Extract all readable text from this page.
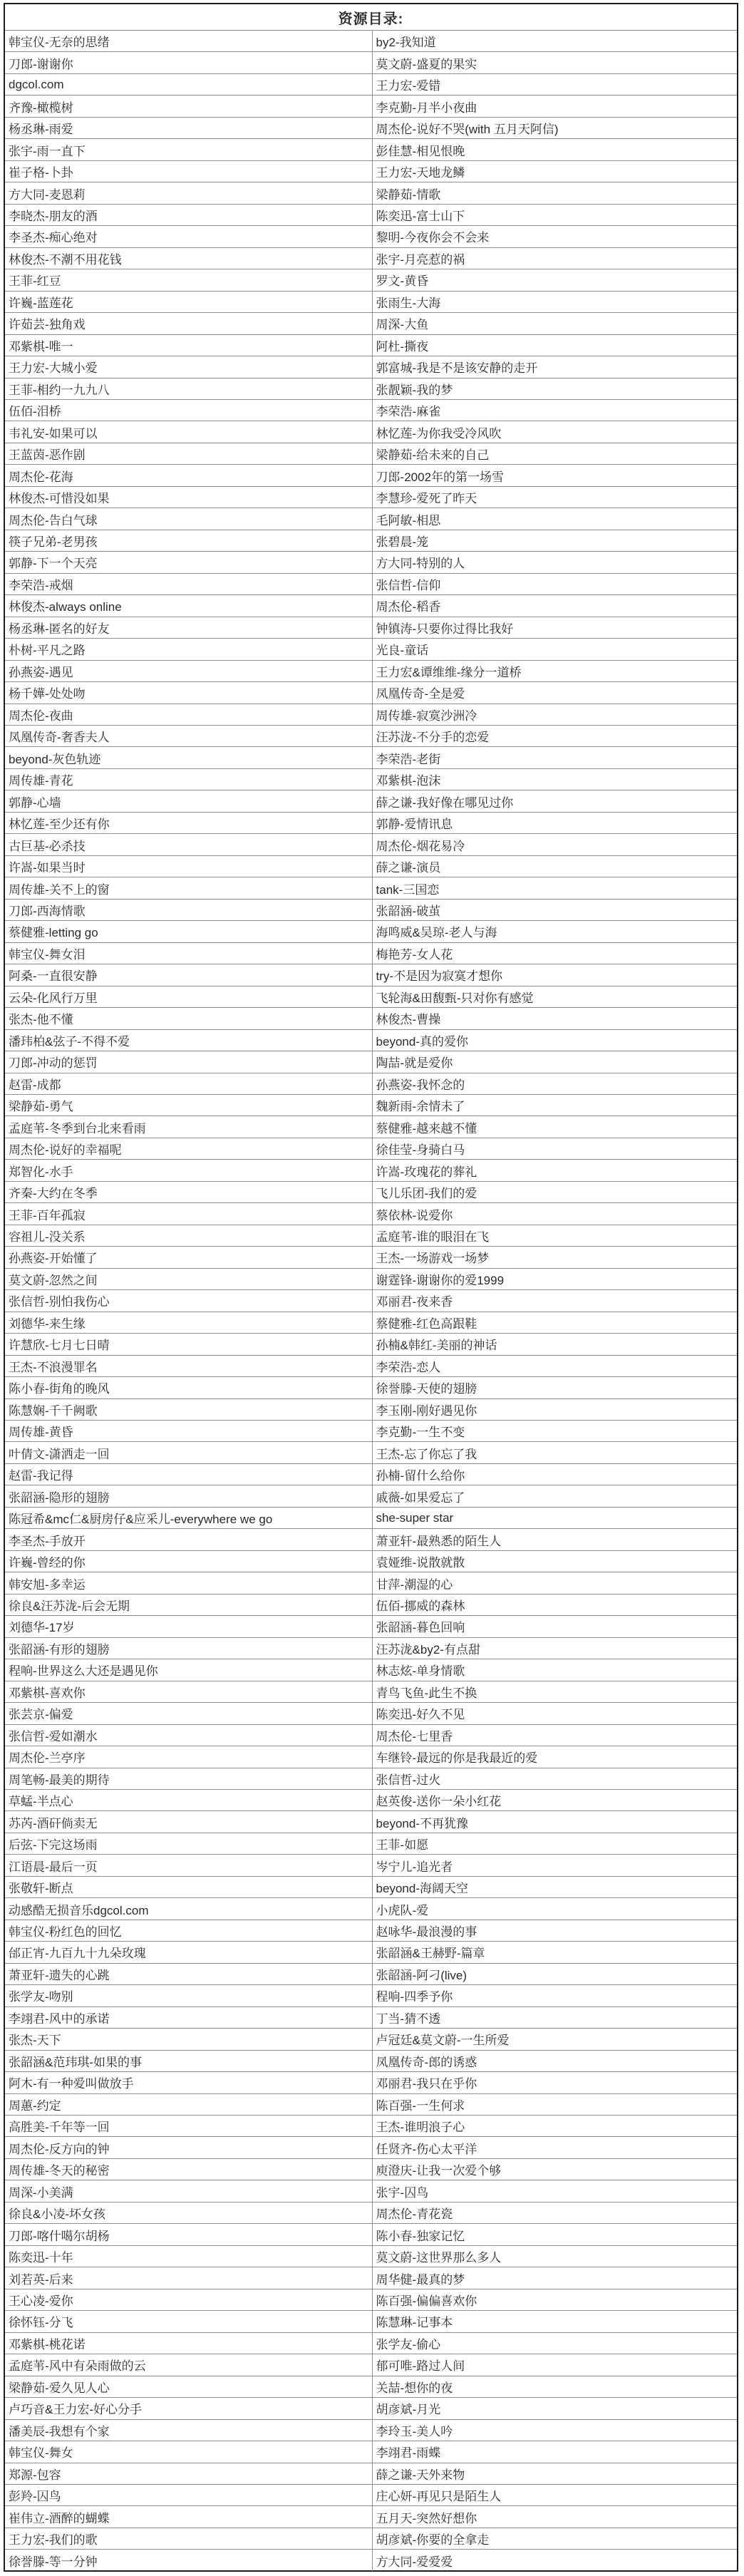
资源目录:
韩宝仪-无奈的思绪	by2-我知道
刀郎-谢谢你	莫文蔚-盛夏的果实
dgcol.com	王力宏-爱错
齐豫-橄榄树	李克勤-月半小夜曲
杨丞琳-雨爱	周杰伦-说好不哭(with 五月天阿信)
张宇-雨一直下	彭佳慧-相见恨晚
崔子格-卜卦	王力宏-天地龙鳞
方大同-麦恩莉	梁静茹-情歌
李晓杰-朋友的酒	陈奕迅-富士山下
李圣杰-痴心绝对	黎明-今夜你会不会来
林俊杰-不潮不用花钱	张宇-月亮惹的祸
王菲-红豆	罗文-黄昏
许巍-蓝莲花	张雨生-大海
许茹芸-独角戏	周深-大鱼
邓紫棋-唯一	阿杜-撕夜
王力宏-大城小爱	郭富城-我是不是该安静的走开
王菲-相约一九九八	张靓颖-我的梦
伍佰-泪桥	李荣浩-麻雀
韦礼安-如果可以	林忆莲-为你我受冷风吹
王蓝茵-恶作剧	梁静茹-给未来的自己
周杰伦-花海	刀郎-2002年的第一场雪
林俊杰-可惜没如果	李慧珍-爱死了昨天
周杰伦-告白气球	毛阿敏-相思
筷子兄弟-老男孩	张碧晨-笼
郭静-下一个天亮	方大同-特别的人
李荣浩-戒烟	张信哲-信仰
林俊杰-always online	周杰伦-稻香
杨丞琳-匿名的好友	钟镇涛-只要你过得比我好
朴树-平凡之路	光良-童话
孙燕姿-遇见	王力宏&谭维维-缘分一道桥
杨千嬅-处处吻	凤凰传奇-全是爱
周杰伦-夜曲	周传雄-寂寞沙洲冷
凤凰传奇-奢香夫人	汪苏泷-不分手的恋爱
beyond-灰色轨迹	李荣浩-老街
周传雄-青花	邓紫棋-泡沫
郭静-心墙	薛之谦-我好像在哪见过你
林忆莲-至少还有你	郭静-爱情讯息
古巨基-必杀技	周杰伦-烟花易冷
许嵩-如果当时	薛之谦-演员
周传雄-关不上的窗	tank-三国恋
刀郎-西海情歌	张韶涵-破茧
蔡健雅-letting go	海鸣威&吴琼-老人与海
韩宝仪-舞女泪	梅艳芳-女人花
阿桑-一直很安静	try-不是因为寂寞才想你
云朵-化风行万里	飞轮海&田馥甄-只对你有感觉
张杰-他不懂	林俊杰-曹操
潘玮柏&弦子-不得不爱	beyond-真的爱你
刀郎-冲动的惩罚	陶喆-就是爱你
赵雷-成都	孙燕姿-我怀念的
梁静茹-勇气	魏新雨-余情未了
孟庭苇-冬季到台北来看雨	蔡健雅-越来越不懂
周杰伦-说好的幸福呢	徐佳莹-身骑白马
郑智化-水手	许嵩-玫瑰花的葬礼
齐秦-大约在冬季	飞儿乐团-我们的爱
王菲-百年孤寂	蔡依林-说爱你
容祖儿-没关系	孟庭苇-谁的眼泪在飞
孙燕姿-开始懂了	王杰-一场游戏一场梦
莫文蔚-忽然之间	谢霆锋-谢谢你的爱1999
张信哲-别怕我伤心	邓丽君-夜来香
刘德华-来生缘	蔡健雅-红色高跟鞋
许慧欣-七月七日晴	孙楠&韩红-美丽的神话
王杰-不浪漫罪名	李荣浩-恋人
陈小春-街角的晚风	徐誉滕-天使的翅膀
陈慧娴-千千阙歌	李玉刚-刚好遇见你
周传雄-黄昏	李克勤-一生不变
叶倩文-潇洒走一回	王杰-忘了你忘了我
赵雷-我记得	孙楠-留什么给你
张韶涵-隐形的翅膀	戚薇-如果爱忘了
陈冠希&mc仁&厨房仔&应采儿-everywhere we go	she-super star
李圣杰-手放开	萧亚轩-最熟悉的陌生人
许巍-曾经的你	袁娅维-说散就散
韩安旭-多幸运	甘萍-潮湿的心
徐良&汪苏泷-后会无期	伍佰-挪威的森林
刘德华-17岁	张韶涵-暮色回响
张韶涵-有形的翅膀	汪苏泷&by2-有点甜
程响-世界这么大还是遇见你	林志炫-单身情歌
邓紫棋-喜欢你	青鸟飞鱼-此生不换
张芸京-偏爱	陈奕迅-好久不见
张信哲-爱如潮水	周杰伦-七里香
周杰伦-兰亭序	车继铃-最远的你是我最近的爱
周笔畅-最美的期待	张信哲-过火
草蜢-半点心	赵英俊-送你一朵小红花
苏芮-酒矸倘卖无	beyond-不再犹豫
后弦-下完这场雨	王菲-如愿
江语晨-最后一页	岑宁儿-追光者
张敬轩-断点	beyond-海阔天空
动感酷无损音乐dgcol.com	小虎队-爱
韩宝仪-粉红色的回忆	赵咏华-最浪漫的事
邰正宵-九百九十九朵玫瑰	张韶涵&王赫野-篇章
萧亚轩-遗失的心跳	张韶涵-阿刁(live)
张学友-吻别	程响-四季予你
李翊君-风中的承诺	丁当-猜不透
张杰-天下	卢冠廷&莫文蔚-一生所爱
张韶涵&范玮琪-如果的事	凤凰传奇-郎的诱惑
阿木-有一种爱叫做放手	邓丽君-我只在乎你
周蕙-约定	陈百强-一生何求
高胜美-千年等一回	王杰-谁明浪子心
周杰伦-反方向的钟	任贤齐-伤心太平洋
周传雄-冬天的秘密	庾澄庆-让我一次爱个够
周深-小美满	张宇-囚鸟
徐良&小凌-坏女孩	周杰伦-青花瓷
刀郎-喀什噶尔胡杨	陈小春-独家记忆
陈奕迅-十年	莫文蔚-这世界那么多人
刘若英-后来	周华健-最真的梦
王心凌-爱你	陈百强-偏偏喜欢你
徐怀钰-分飞	陈慧琳-记事本
邓紫棋-桃花诺	张学友-偷心
孟庭苇-风中有朵雨做的云	郁可唯-路过人间
梁静茹-爱久见人心	关喆-想你的夜
卢巧音&王力宏-好心分手	胡彦斌-月光
潘美辰-我想有个家	李玲玉-美人吟
韩宝仪-舞女	李翊君-雨蝶
郑源-包容	薛之谦-天外来物
彭羚-囚鸟	庄心妍-再见只是陌生人
崔伟立-酒醉的蝴蝶	五月天-突然好想你
王力宏-我们的歌	胡彦斌-你要的全拿走
徐誉滕-等一分钟	方大同-爱爱爱
